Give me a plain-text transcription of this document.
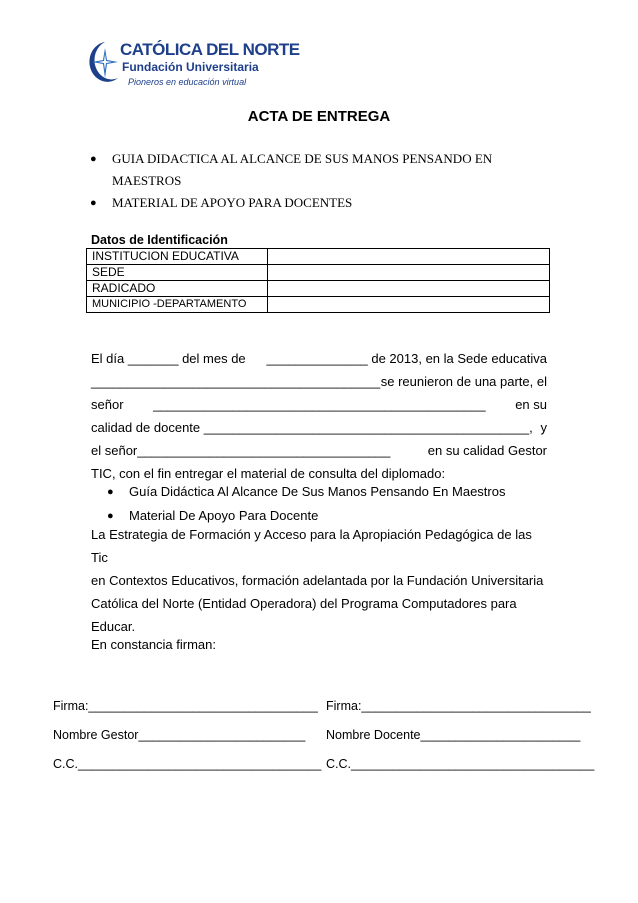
CATÓLICA DEL NORTE
Fundación Universitaria
Pioneros en educación virtual
ACTA DE ENTREGA
● GUIA DIDACTICA AL ALCANCE DE SUS MANOS PENSANDO EN
MAESTROS
● MATERIAL DE APOYO PARA DOCENTES
Datos de Identificación
INSTITUCION EDUCATIVA	
SEDE	
RADICADO	
MUNICIPIO -DEPARTAMENTO	
El día _______ del mes de ______________ de 2013, en la Sede educativa
________________________________________ se reunieron de una parte, el
señor ______________________________________________ en su
calidad de docente _____________________________________________, y
el señor___________________________________	en su calidad Gestor
TIC, con el fin entregar el material de consulta del diplomado:
● Guía Didáctica Al Alcance De Sus Manos Pensando En Maestros
● Material De Apoyo Para Docente
La Estrategia de Formación y Acceso para la Apropiación Pedagógica de las Tic
en Contextos Educativos, formación adelantada por la Fundación Universitaria
Católica del Norte (Entidad Operadora) del Programa Computadores para Educar.
En constancia firman:
Firma:_________________________________ Firma:_________________________________
Nombre Gestor________________________ Nombre Docente_______________________
C.C.___________________________________ C.C.___________________________________
